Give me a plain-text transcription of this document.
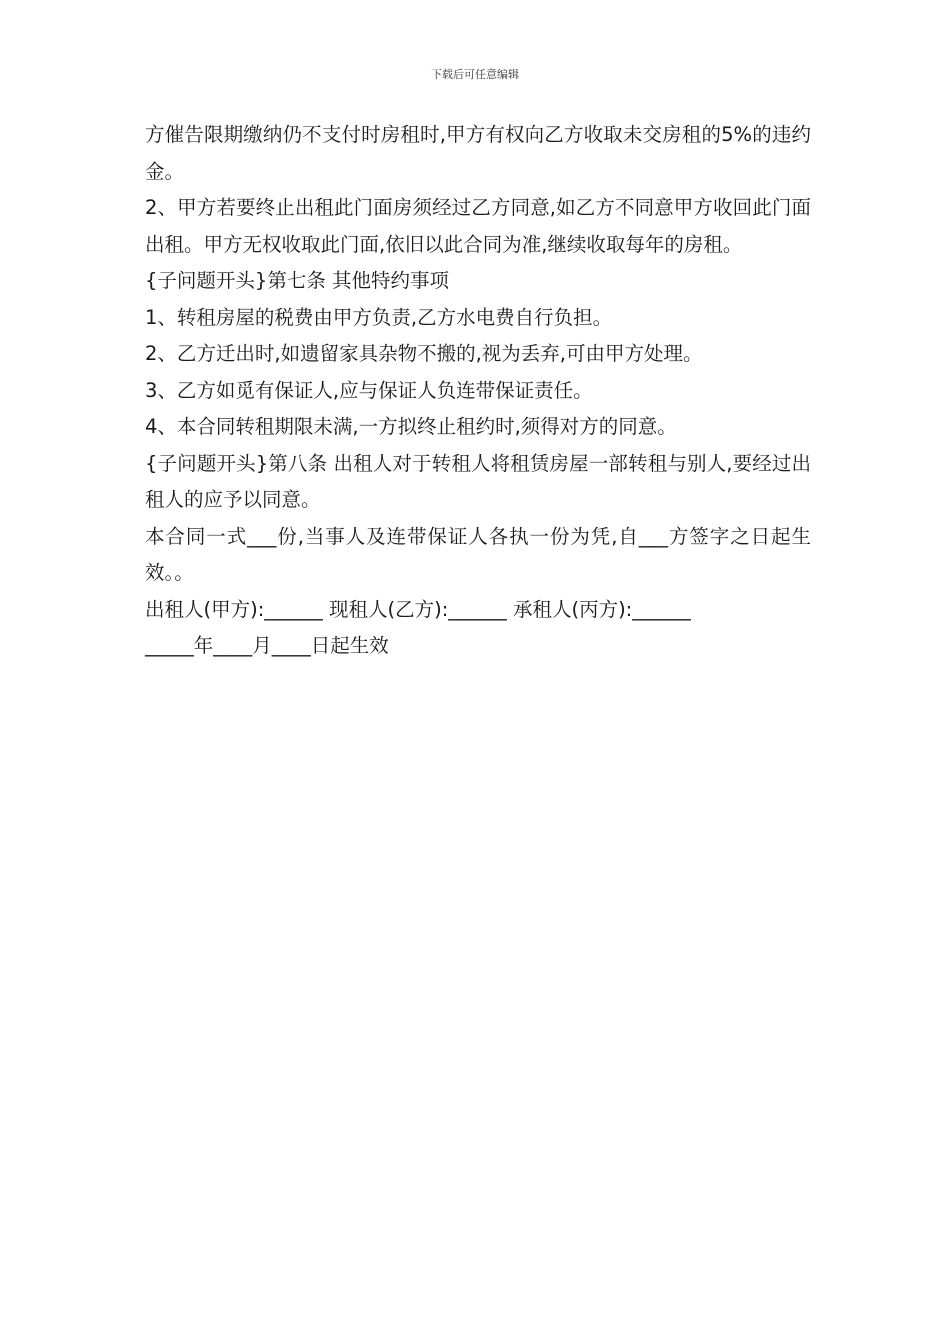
下载后可任意编辑

方催告限期缴纳仍不支付时房租时,甲方有权向乙方收取未交房租的5%的违约金。

2、甲方若要终止出租此门面房须经过乙方同意,如乙方不同意甲方收回此门面出租。甲方无权收取此门面,依旧以此合同为准,继续收取每年的房租。

{子问题开头}第七条 其他特约事项

1、转租房屋的税费由甲方负责,乙方水电费自行负担。

2、乙方迁出时,如遗留家具杂物不搬的,视为丢弃,可由甲方处理。

3、乙方如觅有保证人,应与保证人负连带保证责任。

4、本合同转租期限未满,一方拟终止租约时,须得对方的同意。

{子问题开头}第八条 出租人对于转租人将租赁房屋一部转租与别人,要经过出租人的应予以同意。

本合同一式___份,当事人及连带保证人各执一份为凭,自___方签字之日起生效。。

出租人(甲方):______ 现租人(乙方):______ 承租人(丙方):______

_____年____月____日起生效
